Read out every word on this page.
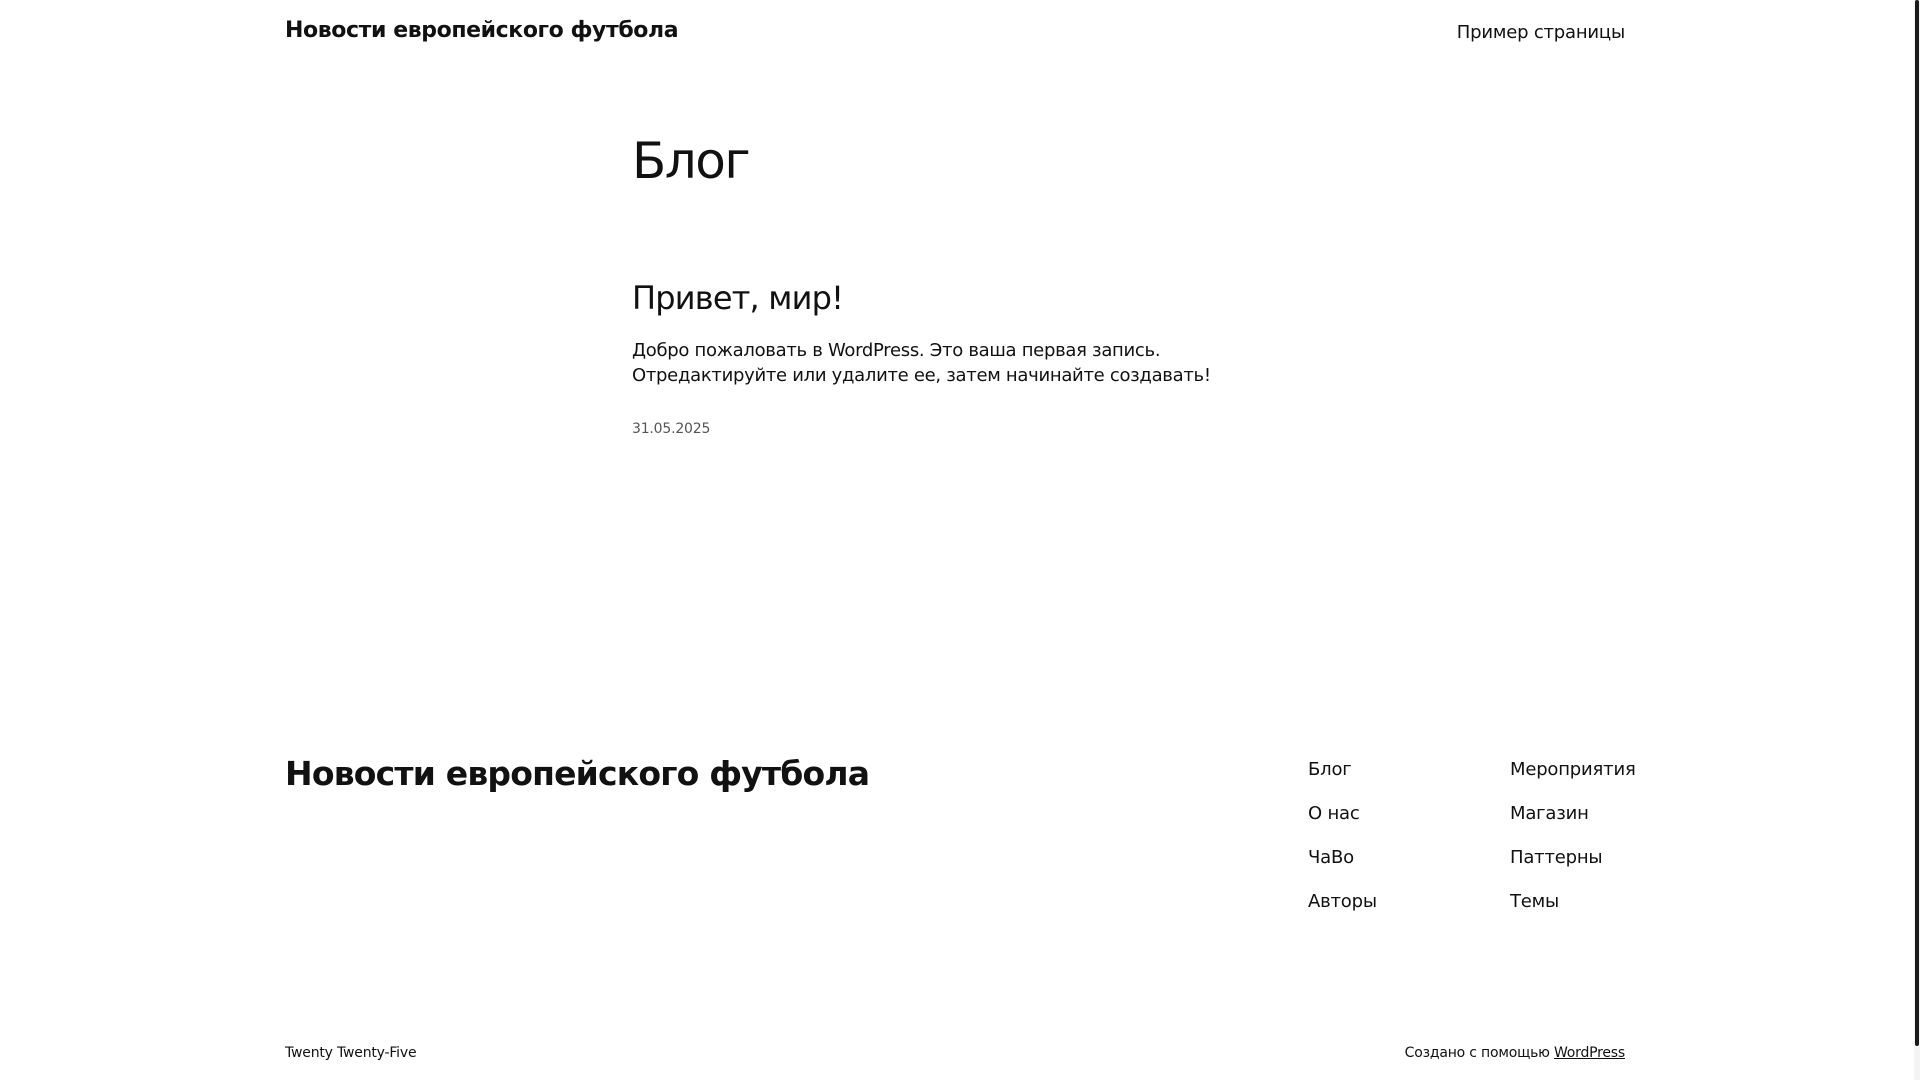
Новости европейского футбола	Пример страницы
Блог
Привет, мир!

Добро пожаловать в WordPress. Это ваша первая запись. Отредактируйте или удалите ее, затем начинайте создавать!

31.05.2025
Новости европейского футбола	Блог
О нас
ЧаВо
Авторы
Мероприятия
Магазин
Паттерны
Темы
Twenty Twenty-Five	Создано с помощью WordPress
